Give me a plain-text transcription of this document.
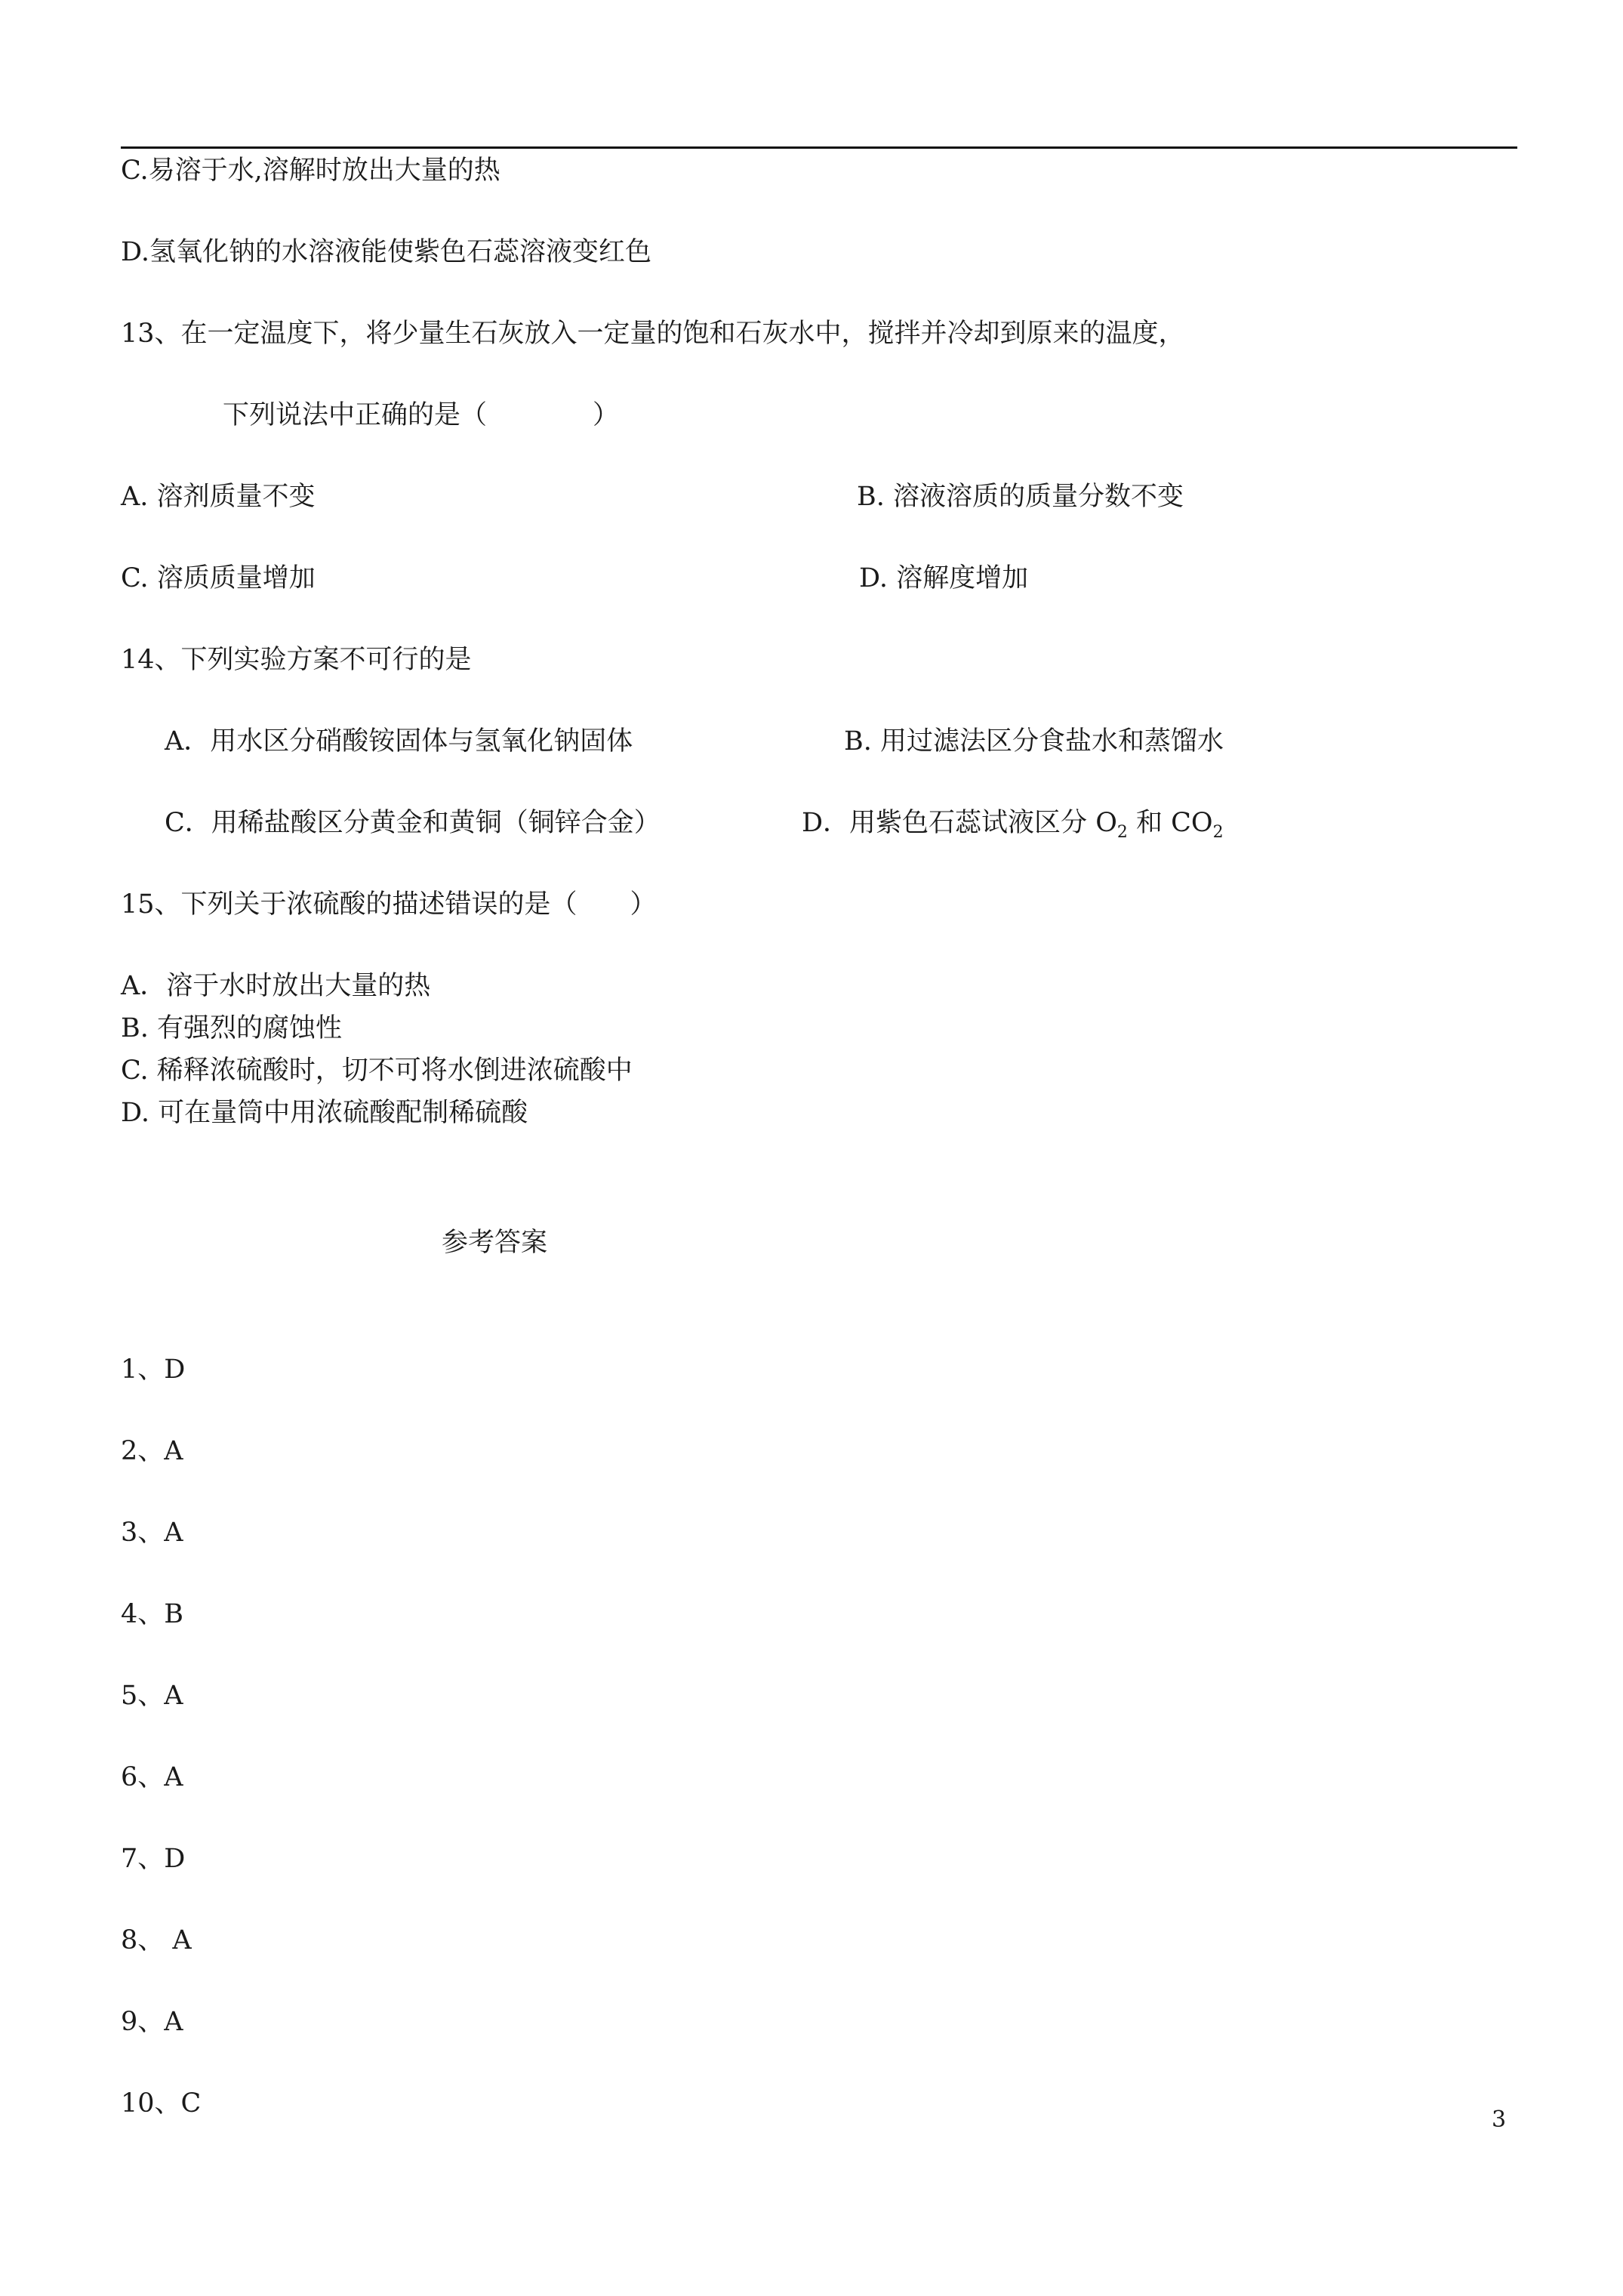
C.易溶于水,溶解时放出大量的热
D.氢氧化钠的水溶液能使紫色石蕊溶液变红色
13、在一定温度下，将少量生石灰放入一定量的饱和石灰水中，搅拌并冷却到原来的温度，
下列说法中正确的是（　　　　）
A. 溶剂质量不变	B. 溶液溶质的质量分数不变
C. 溶质质量增加	D. 溶解度增加
14、下列实验方案不可行的是
A．用水区分硝酸铵固体与氢氧化钠固体	B. 用过滤法区分食盐水和蒸馏水
C．用稀盐酸区分黄金和黄铜（铜锌合金）	D．用紫色石蕊试液区分 $O_2$ 和 $CO_2$
15、下列关于浓硫酸的描述错误的是（　　）
A．溶于水时放出大量的热
B. 有强烈的腐蚀性
C. 稀释浓硫酸时，切不可将水倒进浓硫酸中
D. 可在量筒中用浓硫酸配制稀硫酸
参考答案
1、D
2、A
3、A
4、B
5、A
6、A
7、D
8、 A
9、A
10、C
3
